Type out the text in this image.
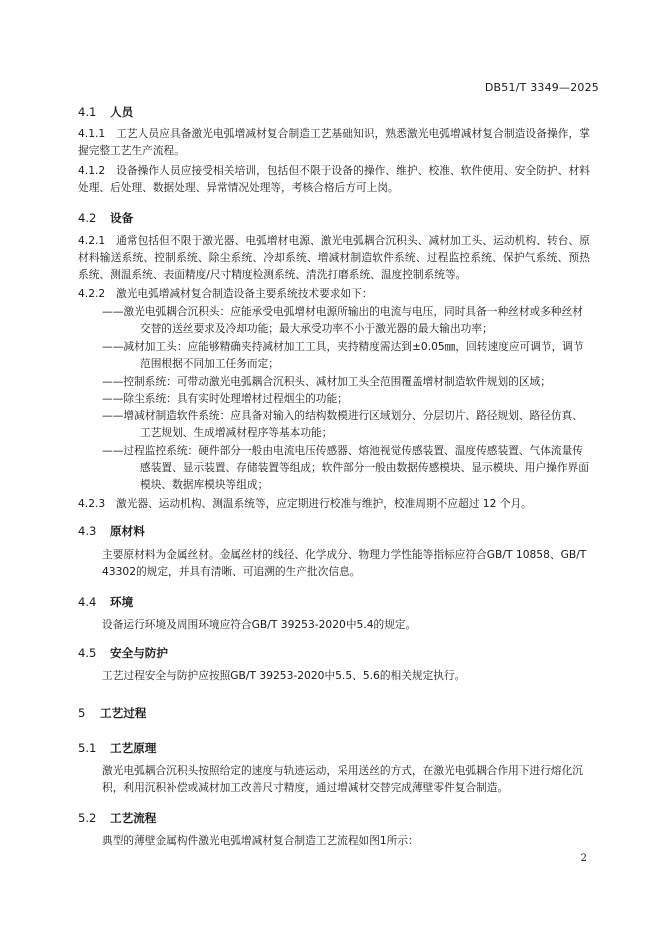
DB51/T 3349—2025
4.1 人员
4.1.1 工艺人员应具备激光电弧增减材复合制造工艺基础知识，熟悉激光电弧增减材复合制造设备操作，掌握完整工艺生产流程。
4.1.2 设备操作人员应接受相关培训，包括但不限于设备的操作、维护、校准、软件使用、安全防护、材料处理、后处理、数据处理、异常情况处理等，考核合格后方可上岗。
4.2 设备
4.2.1 通常包括但不限于激光器、电弧增材电源、激光电弧耦合沉积头、减材加工头、运动机构、转台、原材料输送系统、控制系统、除尘系统、冷却系统、增减材制造软件系统、过程监控系统、保护气系统、预热系统、测温系统、表面精度/尺寸精度检测系统、清洗打磨系统、温度控制系统等。
4.2.2 激光电弧增减材复合制造设备主要系统技术要求如下：
——激光电弧耦合沉积头：应能承受电弧增材电源所输出的电流与电压，同时具备一种丝材或多种丝材交替的送丝要求及冷却功能；最大承受功率不小于激光器的最大输出功率；
——减材加工头：应能够精确夹持减材加工工具，夹持精度需达到±0.05㎜，回转速度应可调节，调节范围根据不同加工任务而定；
——控制系统：可带动激光电弧耦合沉积头、减材加工头全范围覆盖增材制造软件规划的区域；
——除尘系统：具有实时处理增材过程烟尘的功能；
——增减材制造软件系统：应具备对输入的结构数模进行区域划分、分层切片、路径规划、路径仿真、工艺规划、生成增减材程序等基本功能；
——过程监控系统：硬件部分一般由电流电压传感器、熔池视觉传感装置、温度传感装置、气体流量传感装置、显示装置、存储装置等组成；软件部分一般由数据传感模块、显示模块、用户操作界面模块、数据库模块等组成；
4.2.3 激光器、运动机构、测温系统等，应定期进行校准与维护，校准周期不应超过 12 个月。
4.3 原材料
主要原材料为金属丝材。金属丝材的线径、化学成分、物理力学性能等指标应符合GB/T 10858、GB/T 43302的规定，并具有清晰、可追溯的生产批次信息。
4.4 环境
设备运行环境及周围环境应符合GB/T 39253-2020中5.4的规定。
4.5 安全与防护
工艺过程安全与防护应按照GB/T 39253-2020中5.5、5.6的相关规定执行。
5 工艺过程
5.1 工艺原理
激光电弧耦合沉积头按照给定的速度与轨迹运动，采用送丝的方式，在激光电弧耦合作用下进行熔化沉积，利用沉积补偿或减材加工改善尺寸精度，通过增减材交替完成薄壁零件复合制造。
5.2 工艺流程
典型的薄壁金属构件激光电弧增减材复合制造工艺流程如图1所示：
2
